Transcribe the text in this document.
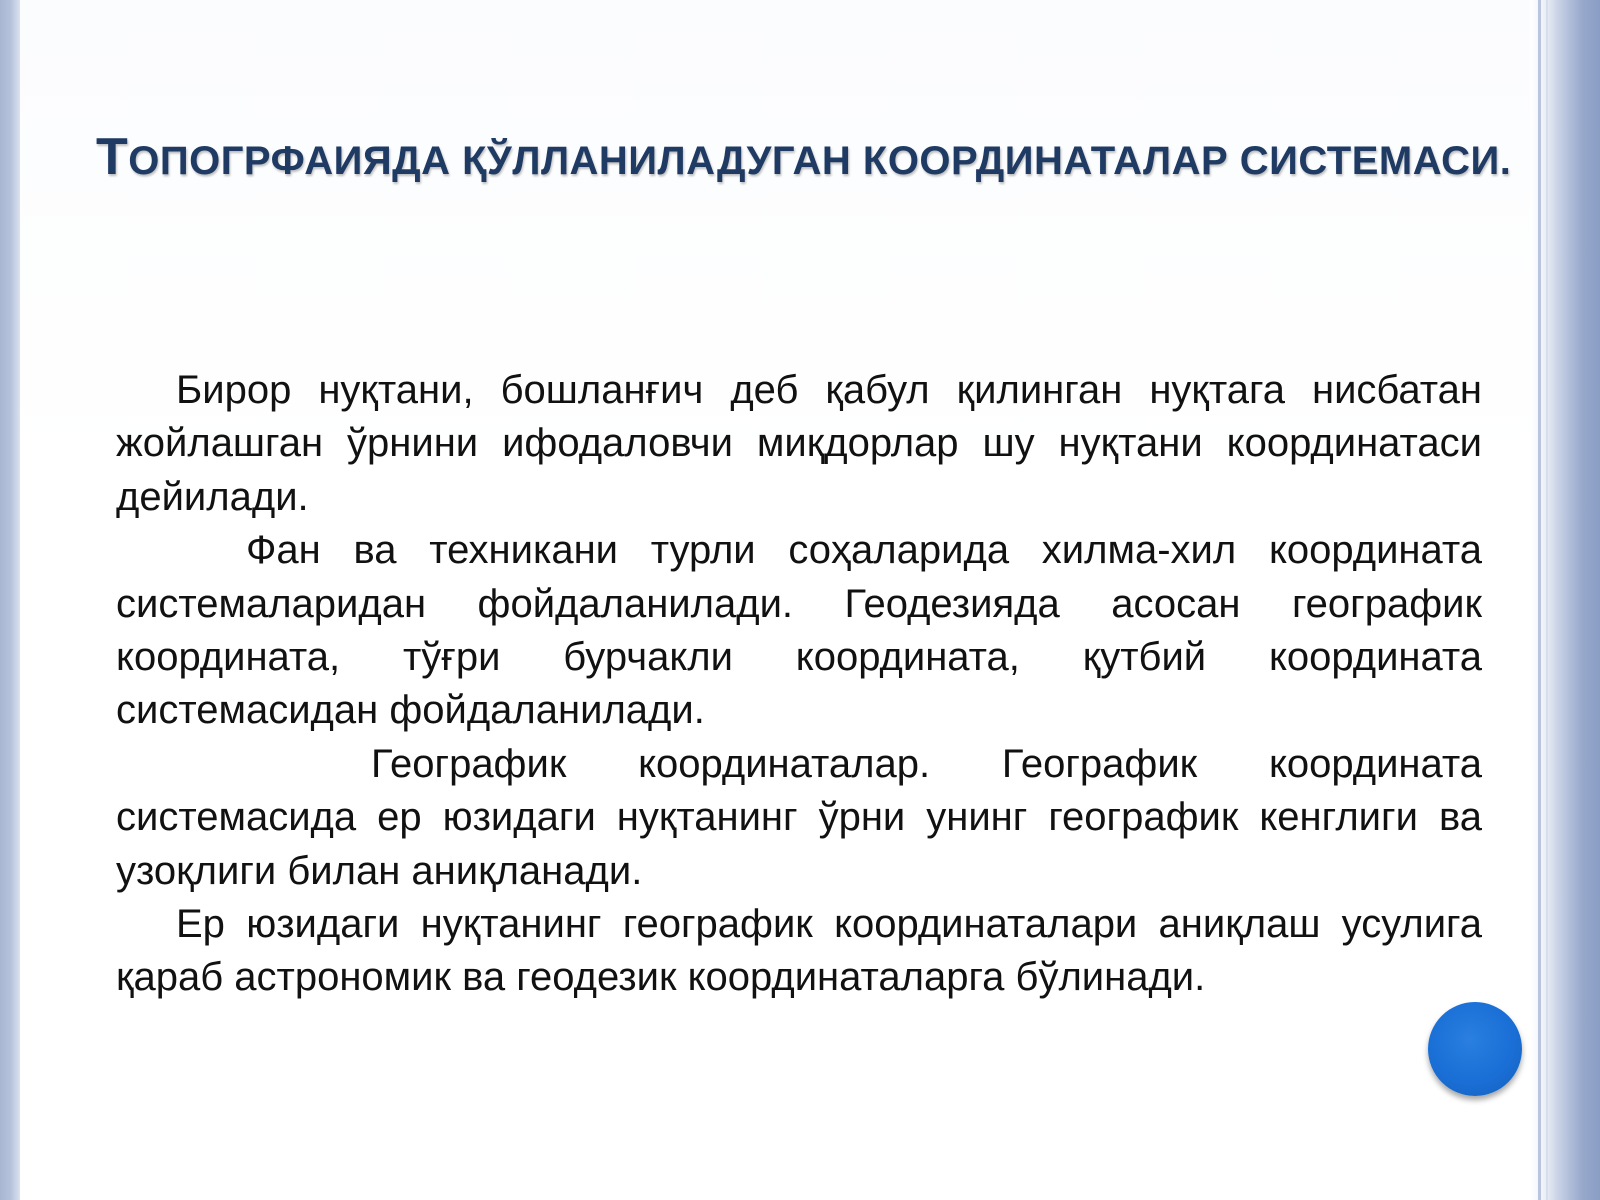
ТОПОГРФАИЯДА ҚЎЛЛАНИЛАДУГАН КООРДИНАТАЛАР СИСТЕМАСИ.

Бирор нуқтани, бошланғич деб қабул қилинган нуқтага нисбатан жойлашган ўрнини ифодаловчи миқдорлар шу нуқтани координатаси дейилади.

Фан ва техникани турли соҳаларида хилма-хил координата системаларидан фойдаланилади. Геодезияда асосан географик координата, тўғри бурчакли координата, қутбий координата системасидан фойдаланилади.

Географик координаталар. Географик координата системасида ер юзидаги нуқтанинг ўрни унинг географик кенглиги ва узоқлиги билан аниқланади.

Ер юзидаги нуқтанинг географик координаталари аниқлаш усулига қараб астрономик ва геодезик координаталарга бўлинади.
